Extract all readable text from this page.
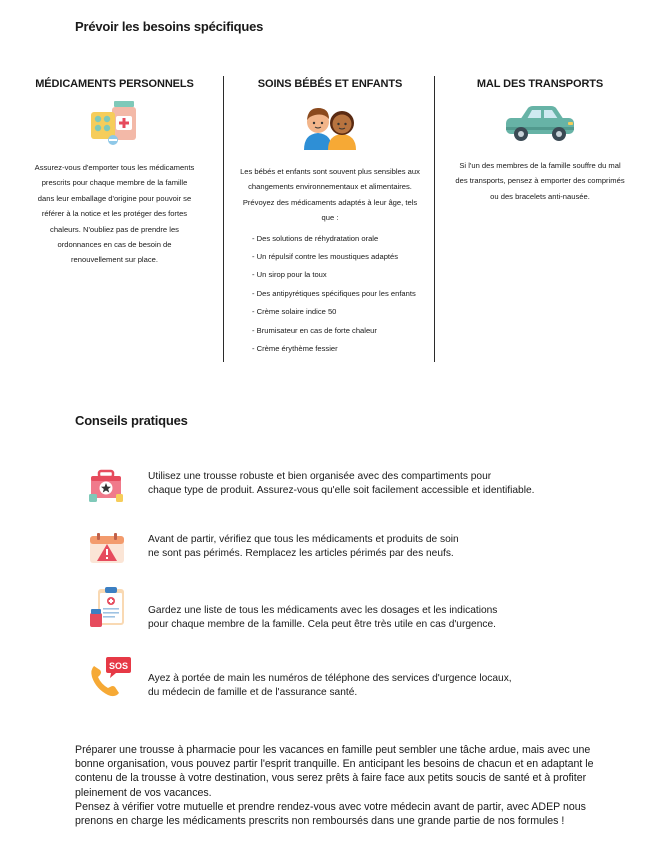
Prévoir les besoins spécifiques
MÉDICAMENTS PERSONNELS
Assurez-vous d'emporter tous les médicaments prescrits pour chaque membre de la famille dans leur emballage d'origine pour pouvoir se référer à la notice et les protéger des fortes chaleurs. N'oubliez pas de prendre les ordonnances en cas de besoin de renouvellement sur place.
SOINS BÉBÉS ET ENFANTS
Les bébés et enfants sont souvent plus sensibles aux changements environnementaux et alimentaires. Prévoyez des médicaments adaptés à leur âge, tels que :
- Des solutions de réhydratation orale
- Un répulsif contre les moustiques adaptés
- Un sirop pour la toux
- Des antipyrétiques spécifiques pour les enfants
- Crème solaire indice 50
- Brumisateur en cas de forte chaleur
- Crème érythème fessier
MAL DES TRANSPORTS
Si l'un des membres de la famille souffre du mal des transports, pensez à emporter des comprimés ou des bracelets anti-nausée.
Conseils pratiques
Utilisez une trousse robuste et bien organisée avec des compartiments pour
chaque type de produit. Assurez-vous qu'elle soit facilement accessible et identifiable.
Avant de partir, vérifiez que tous les médicaments et produits de soin
ne sont pas périmés. Remplacez les articles périmés par des neufs.
Gardez une liste de tous les médicaments avec les dosages et les indications
pour chaque membre de la famille. Cela peut être très utile en cas d'urgence.
SOS
Ayez à portée de main les numéros de téléphone des services d'urgence locaux,
du médecin de famille et de l'assurance santé.

Préparer une trousse à pharmacie pour les vacances en famille peut sembler une tâche ardue, mais avec une bonne organisation, vous pouvez partir l'esprit tranquille. En anticipant les besoins de chacun et en adaptant le contenu de la trousse à votre destination, vous serez prêts à faire face aux petits soucis de santé et à profiter pleinement de vos vacances.

Pensez à vérifier votre mutuelle et prendre rendez-vous avec votre médecin avant de partir, avec ADEP nous prenons en charge les médicaments prescrits non remboursés dans une grande partie de nos formules !
